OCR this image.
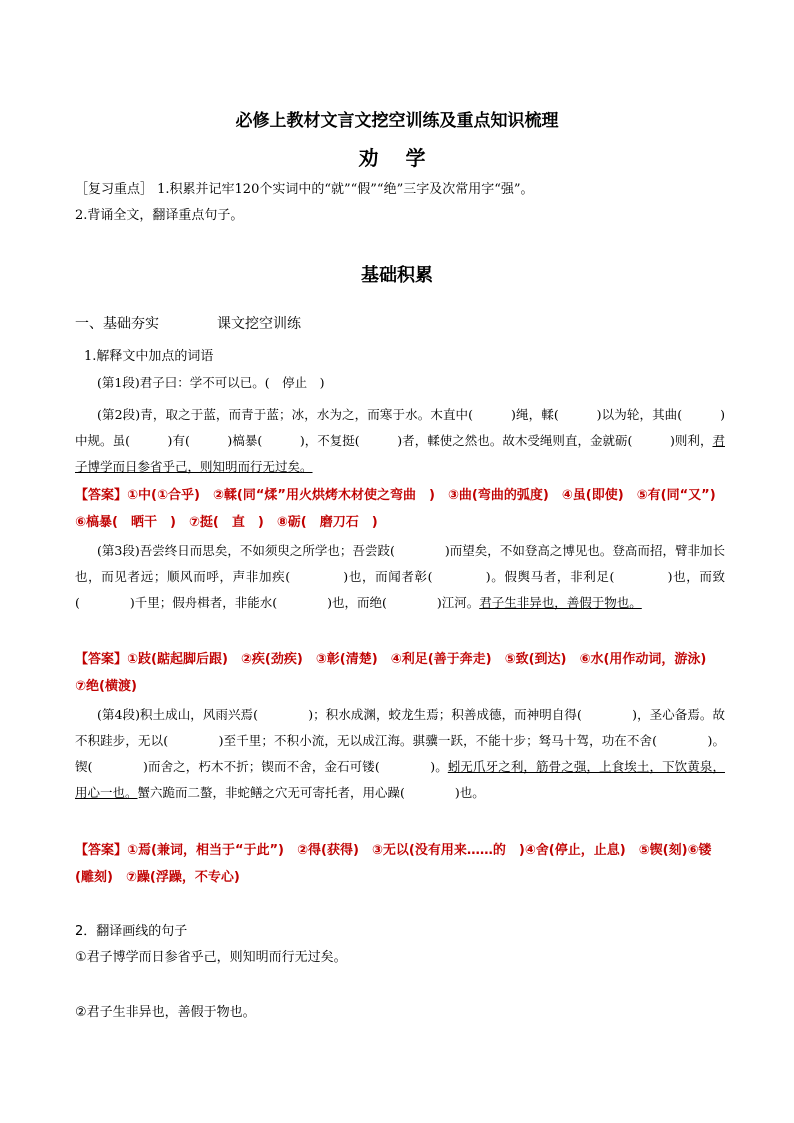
必修上教材文言文挖空训练及重点知识梳理
劝 学
［复习重点］ 1.积累并记牢120个实词中的“就”“假”“绝”三字及次常用字“强”。
2.背诵全文，翻译重点句子。
基础积累
一、基础夯实	课文挖空训练
1.解释文中加点的词语
(第1段)君子曰：学不可以已。(　停止　)
(第2段)青，取之于蓝，而青于蓝；冰，水为之，而寒于水。木直中(　　　)绳，輮(　　　)以为轮，其曲(　　　)中规。虽(　　　)有(　　　)槁暴(　　　)，不复挺(　　　)者，輮使之然也。故木受绳则直，金就砺(　　　)则利，君子博学而日参省乎己，则知明而行无过矣。
【答案】①中(①合乎)　②輮(同“煣”用火烘烤木材使之弯曲　)　③曲(弯曲的弧度)　④虽(即使)　⑤有(同“又”)　⑥槁暴(　晒干　)　⑦挺(　直　)　⑧砺(　磨刀石　)
(第3段)吾尝终日而思矣，不如须臾之所学也；吾尝跂(　　　　)而望矣，不如登高之博见也。登高而招，臂非加长也，而见者远；顺风而呼，声非加疾(　　　　)也，而闻者彰(　　　　)。假舆马者，非利足(　　　　)也，而致(　　　　)千里；假舟楫者，非能水(　　　　)也，而绝(　　　　)江河。君子生非异也，善假于物也。
【答案】①跂(踮起脚后跟)　②疾(劲疾)　③彰(清楚)　④利足(善于奔走)　⑤致(到达)　⑥水(用作动词，游泳)　⑦绝(横渡)
(第4段)积土成山，风雨兴焉(　　　　)；积水成渊，蛟龙生焉；积善成德，而神明自得(　　　　)，圣心备焉。故不积跬步，无以(　　　　)至千里；不积小流，无以成江海。骐骥一跃，不能十步；驽马十驾，功在不舍(　　　　)。锲(　　　　)而舍之，朽木不折；锲而不舍，金石可镂(　　　　)。蚓无爪牙之利，筋骨之强，上食埃土，下饮黄泉，用心一也。蟹六跪而二螯，非蛇鳝之穴无可寄托者，用心躁(　　　　)也。
【答案】①焉(兼词，相当于“于此”)　②得(获得)　③无以(没有用来……的　)④舍(停止，止息)　⑤锲(刻)⑥镂(雕刻)　⑦躁(浮躁，不专心)
2．翻译画线的句子
①君子博学而日参省乎己，则知明而行无过矣。
②君子生非异也，善假于物也。
